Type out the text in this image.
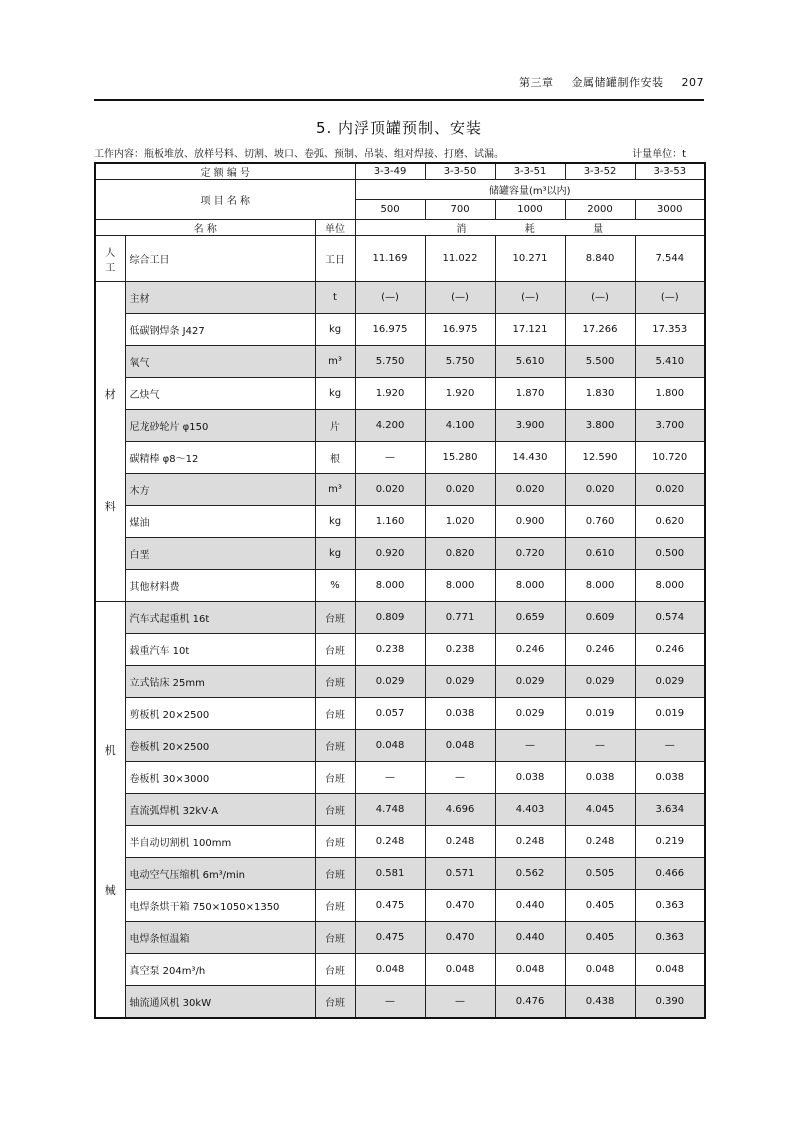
第三章 金属储罐制作安装 207
5. 内浮顶罐预制、安装
工作内容：瓶板堆放、放样号料、切割、坡口、卷弧、预制、吊装、组对焊接、打磨、试漏。	计量单位：t
定 额 编 号			3-3-49	3-3-50	3-3-51	3-3-52	3-3-53
项 目 名 称			储罐容量(m³以内)				
			500	700	1000	2000	3000
名 称		单位	消 耗 量				
人工	综合工日	工日	11.169	11.022	10.271	8.840	7.544

材
料	主材	t	(—)	(—)	(—)	(—)	(—)
	低碳钢焊条 J427	kg	16.975	16.975	17.121	17.266	17.353
	氧气	m³	5.750	5.750	5.610	5.500	5.410
	乙炔气	kg	1.920	1.920	1.870	1.830	1.800
	尼龙砂轮片 φ150	片	4.200	4.100	3.900	3.800	3.700
	碳精棒 φ8～12	根	—	15.280	14.430	12.590	10.720
	木方	m³	0.020	0.020	0.020	0.020	0.020
	煤油	kg	1.160	1.020	0.900	0.760	0.620
	白垩	kg	0.920	0.820	0.720	0.610	0.500
	其他材料费	%	8.000	8.000	8.000	8.000	8.000

机
械	汽车式起重机 16t	台班	0.809	0.771	0.659	0.609	0.574
	载重汽车 10t	台班	0.238	0.238	0.246	0.246	0.246
	立式钻床 25mm	台班	0.029	0.029	0.029	0.029	0.029
	剪板机 20×2500	台班	0.057	0.038	0.029	0.019	0.019
	卷板机 20×2500	台班	0.048	0.048	—	—	—
	卷板机 30×3000	台班	—	—	0.038	0.038	0.038
	直流弧焊机 32kV·A	台班	4.748	4.696	4.403	4.045	3.634
	半自动切割机 100mm	台班	0.248	0.248	0.248	0.248	0.219
	电动空气压缩机 6m³/min	台班	0.581	0.571	0.562	0.505	0.466
	电焊条烘干箱 750×1050×1350	台班	0.475	0.470	0.440	0.405	0.363
	电焊条恒温箱	台班	0.475	0.470	0.440	0.405	0.363
	真空泵 204m³/h	台班	0.048	0.048	0.048	0.048	0.048
	轴流通风机 30kW	台班	—	—	0.476	0.438	0.390
